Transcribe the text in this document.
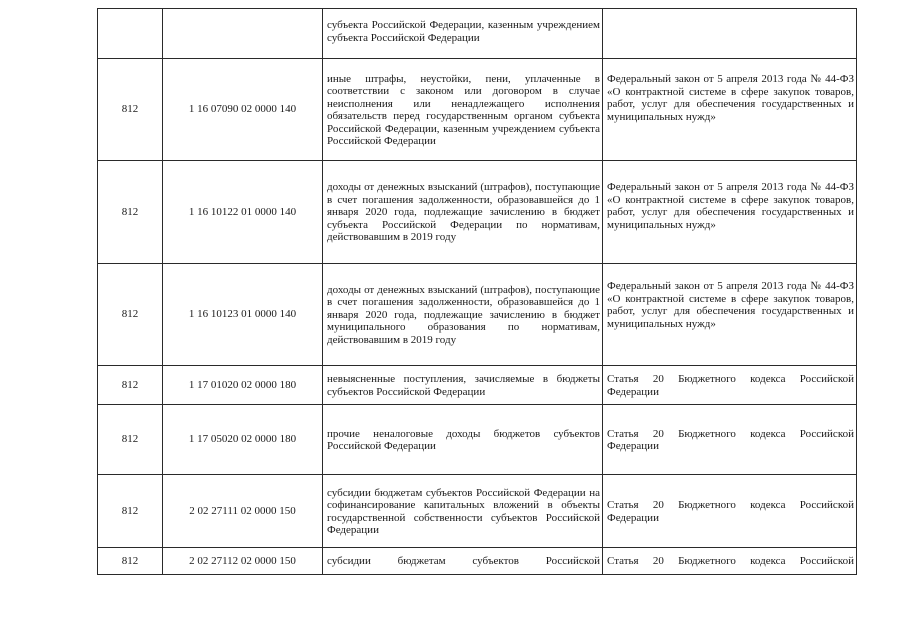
		субъекта Российской Федерации, казенным учреждением субъекта Российской Федерации	

812	1 16 07090 02 0000 140	иные штрафы, неустойки, пени, уплаченные в соответствии с законом или договором в случае неисполнения или ненадлежащего исполнения обязательств перед государственным органом субъекта Российской Федерации, казенным учреждением субъекта Российской Федерации	Федеральный закон от 5 апреля 2013 года № 44-ФЗ «О контрактной системе в сфере закупок товаров, работ, услуг для обеспечения государственных и муниципальных нужд»

812	1 16 10122 01 0000 140	доходы от денежных взысканий (штрафов), поступающие в счет погашения задолженности, образовавшейся до 1 января 2020 года, подлежащие зачислению в бюджет субъекта Российской Федерации по нормативам, действовавшим в 2019 году	Федеральный закон от 5 апреля 2013 года № 44-ФЗ «О контрактной системе в сфере закупок товаров, работ, услуг для обеспечения государственных и муниципальных нужд»

812	1 16 10123 01 0000 140	доходы от денежных взысканий (штрафов), поступающие в счет погашения задолженности, образовавшейся до 1 января 2020 года, подлежащие зачислению в бюджет муниципального образования по нормативам, действовавшим в 2019 году	Федеральный закон от 5 апреля 2013 года № 44-ФЗ «О контрактной системе в сфере закупок товаров, работ, услуг для обеспечения государственных и муниципальных нужд»

812	1 17 01020 02 0000 180	невыясненные поступления, зачисляемые в бюджеты субъектов Российской Федерации	Статья 20 Бюджетного кодекса Российской Федерации

812	1 17 05020 02 0000 180	прочие неналоговые доходы бюджетов субъектов Российской Федерации	Статья 20 Бюджетного кодекса Российской Федерации

812	2 02 27111 02 0000 150	субсидии бюджетам субъектов Российской Федерации на софинансирование капитальных вложений в объекты государственной собственности субъектов Российской Федерации	Статья 20 Бюджетного кодекса Российской Федерации

812	2 02 27112 02 0000 150	субсидии бюджетам субъектов Российской	Статья 20 Бюджетного кодекса Российской
